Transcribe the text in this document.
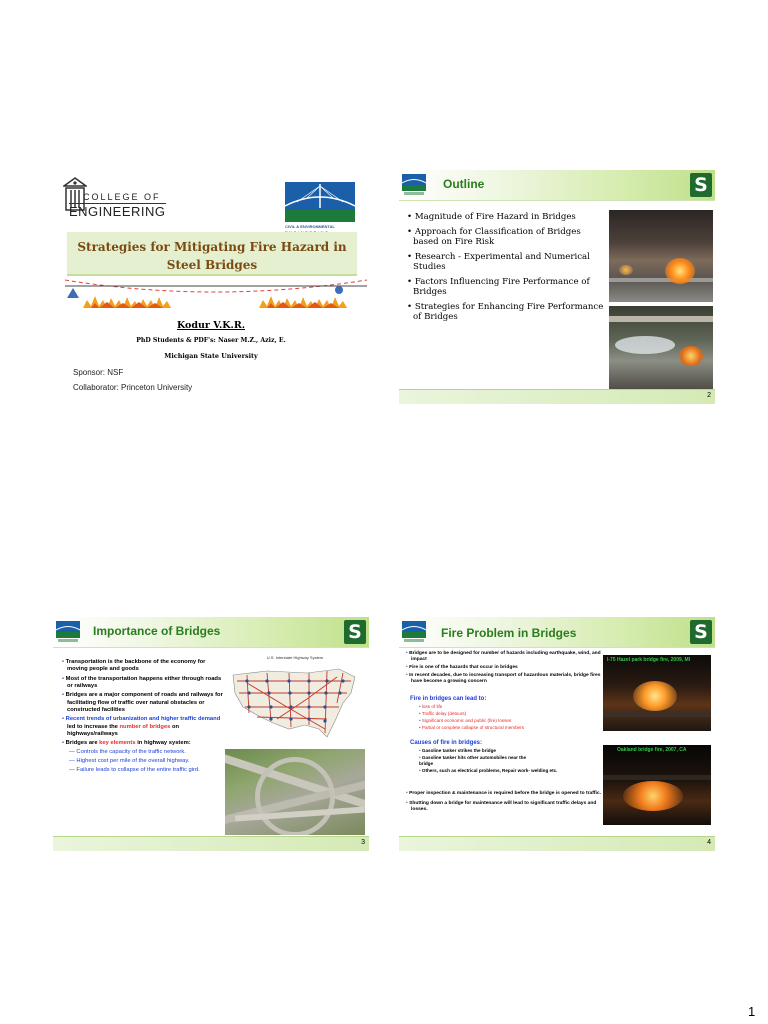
COLLEGE OF
ENGINEERING
CIVIL & ENVIRONMENTAL
Strategies for Mitigating Fire Hazard in Steel Bridges
Kodur V.K.R.
PhD Students & PDF's: Naser M.Z., Aziz, E.
Michigan State University
Sponsor: NSF
Collaborator: Princeton University
Outline	S
• Magnitude of Fire Hazard in Bridges
• Approach for Classification of Bridges based on Fire Risk
• Research - Experimental and Numerical Studies
• Factors Influencing Fire Performance of Bridges
• Strategies for Enhancing Fire Performance of Bridges
2
Importance of Bridges	S
• Transportation is the backbone of the economy for moving people and goods
• Most of the transportation happens either through roads or railways
• Bridges are a major component of roads and railways for facilitating flow of traffic over natural obstacles or constructed facilities
• Recent trends of urbanization and higher traffic demand led to increase the number of bridges on highways/railways
• Bridges are key elements in highway system:
— Controls the capacity of the traffic network.
— Highest cost per mile of the overall highway.
— Failure leads to collapse of the entire traffic gird.
U.S. Interstate Highway System
3
Fire Problem in Bridges	S
• Bridges are to be designed for number of hazards including earthquake, wind, and impact
• Fire is one of the hazards that occur in bridges
• In recent decades, due to increasing transport of hazardous materials, bridge fires have become a growing concern
Fire in bridges can lead to:
• loss of life
• Traffic delay (detours)
• Significant economic and public (fire) losses
• Partial or complete collapse of structural members
Causes of fire in bridges:
• Gasoline tanker strikes the bridge
• Gasoline tanker hits other automobiles near the bridge
• Others, such as electrical problems, Repair work- welding etc.
• Proper inspection & maintenance is required before the bridge is opened to traffic.
• Shutting down a bridge for maintenance will lead to significant traffic delays and losses.
I-75 Hazel park bridge fire, 2009, MI
Oakland bridge fire, 2007, CA
4
1
